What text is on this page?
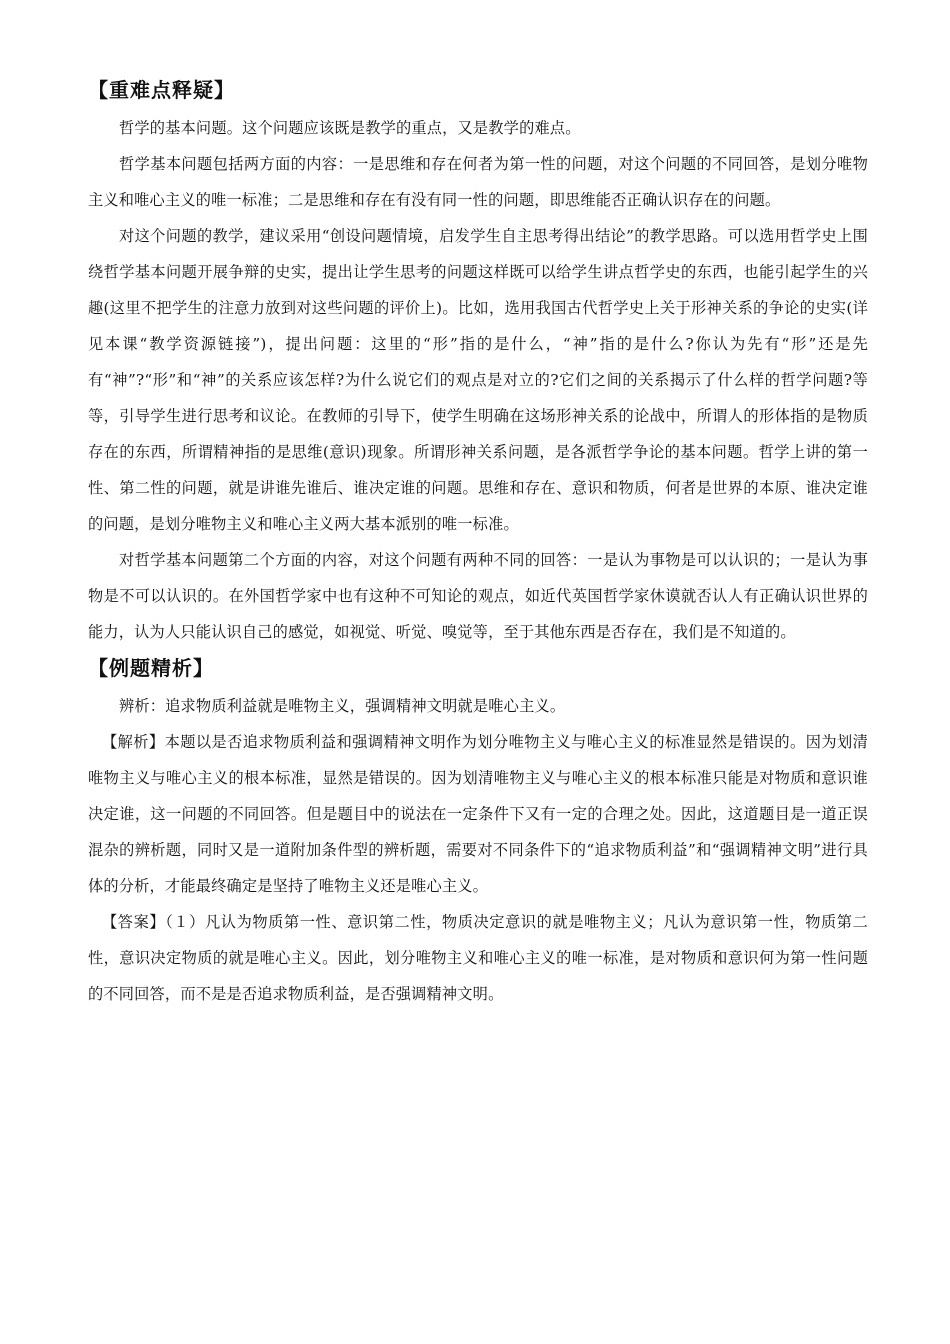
【重难点释疑】

哲学的基本问题。这个问题应该既是教学的重点，又是教学的难点。

哲学基本问题包括两方面的内容：一是思维和存在何者为第一性的问题，对这个问题的不同回答，是划分唯物主义和唯心主义的唯一标准；二是思维和存在有没有同一性的问题，即思维能否正确认识存在的问题。

对这个问题的教学，建议采用“创设问题情境，启发学生自主思考得出结论”的教学思路。可以选用哲学史上围绕哲学基本问题开展争辩的史实，提出让学生思考的问题这样既可以给学生讲点哲学史的东西，也能引起学生的兴趣(这里不把学生的注意力放到对这些问题的评价上)。比如，选用我国古代哲学史上关于形神关系的争论的史实(详见本课“教学资源链接”)，提出问题：这里的“形”指的是什么，“神”指的是什么?你认为先有“形”还是先有“神”?“形”和“神”的关系应该怎样?为什么说它们的观点是对立的?它们之间的关系揭示了什么样的哲学问题?等等，引导学生进行思考和议论。在教师的引导下，使学生明确在这场形神关系的论战中，所谓人的形体指的是物质存在的东西，所谓精神指的是思维(意识)现象。所谓形神关系问题，是各派哲学争论的基本问题。哲学上讲的第一性、第二性的问题，就是讲谁先谁后、谁决定谁的问题。思维和存在、意识和物质，何者是世界的本原、谁决定谁的问题，是划分唯物主义和唯心主义两大基本派别的唯一标准。

对哲学基本问题第二个方面的内容，对这个问题有两种不同的回答：一是认为事物是可以认识的；一是认为事物是不可以认识的。在外国哲学家中也有这种不可知论的观点，如近代英国哲学家休谟就否认人有正确认识世界的能力，认为人只能认识自己的感觉，如视觉、听觉、嗅觉等，至于其他东西是否存在，我们是不知道的。

【例题精析】

辨析：追求物质利益就是唯物主义，强调精神文明就是唯心主义。

【解析】本题以是否追求物质利益和强调精神文明作为划分唯物主义与唯心主义的标准显然是错误的。因为划清唯物主义与唯心主义的根本标准，显然是错误的。因为划清唯物主义与唯心主义的根本标准只能是对物质和意识谁决定谁，这一问题的不同回答。但是题目中的说法在一定条件下又有一定的合理之处。因此，这道题目是一道正误混杂的辨析题，同时又是一道附加条件型的辨析题，需要对不同条件下的“追求物质利益”和“强调精神文明”进行具体的分析，才能最终确定是坚持了唯物主义还是唯心主义。

【答案】（１）凡认为物质第一性、意识第二性，物质决定意识的就是唯物主义；凡认为意识第一性，物质第二性，意识决定物质的就是唯心主义。因此，划分唯物主义和唯心主义的唯一标准，是对物质和意识何为第一性问题的不同回答，而不是是否追求物质利益，是否强调精神文明。
